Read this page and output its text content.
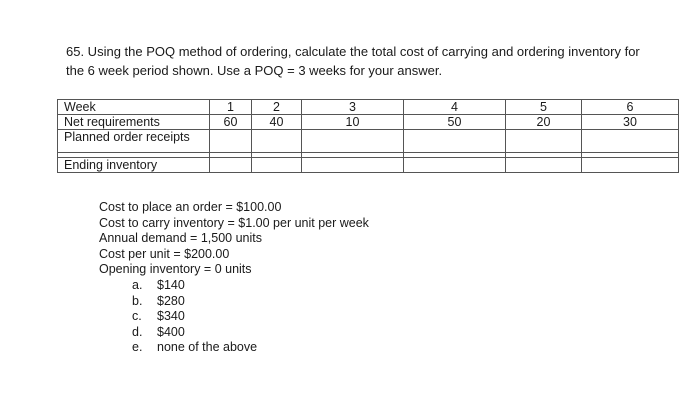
65. Using the POQ method of ordering, calculate the total cost of carrying and ordering inventory for the 6 week period shown. Use a POQ = 3 weeks for your answer.

Week	1	2	3	4	5	6
Net requirements	60	40	10	50	20	30
Planned order receipts						

Ending inventory						
Cost to place an order = $100.00
Cost to carry inventory = $1.00 per unit per week
Annual demand = 1,500 units
Cost per unit = $200.00
Opening inventory = 0 units
a. $140
b. $280
c. $340
d. $400
e. none of the above
